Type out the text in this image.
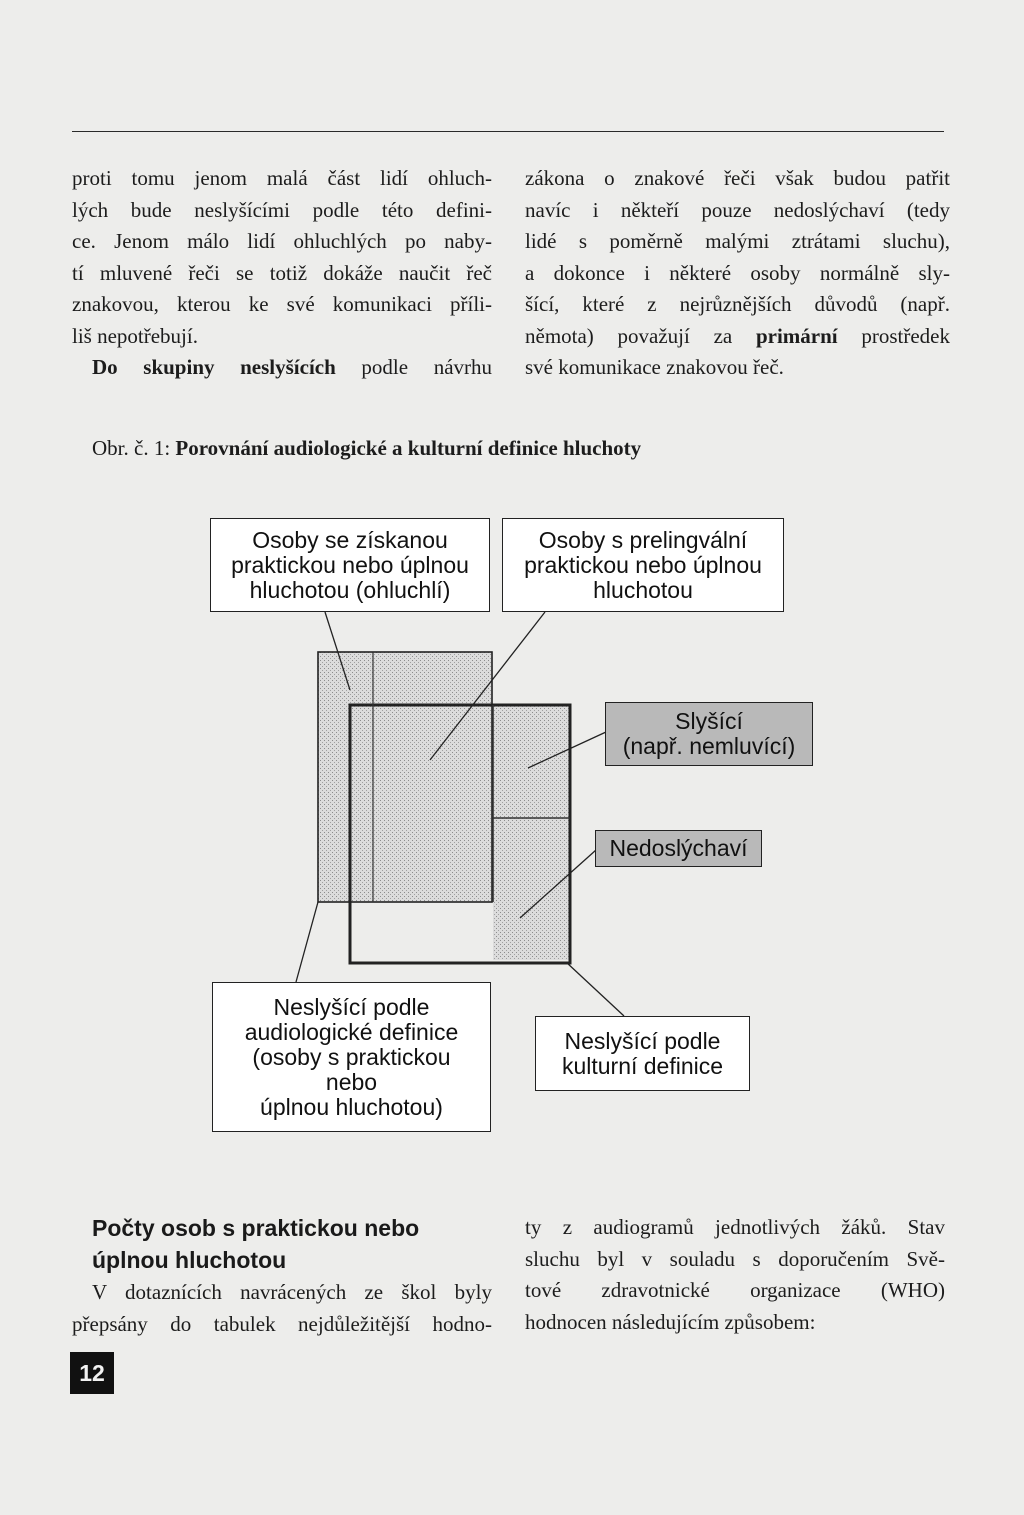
proti tomu jenom malá část lidí ohluch-
lých bude neslyšícími podle této defini-
ce. Jenom málo lidí ohluchlých po naby-
tí mluvené řeči se totiž dokáže naučit řeč
znakovou, kterou ke své komunikaci příli-
liš nepotřebují.
Do skupiny neslyšících podle návrhu
zákona o znakové řeči však budou patřit
navíc i někteří pouze nedoslýchaví (tedy
lidé s poměrně malými ztrátami sluchu),
a dokonce i některé osoby normálně sly-
šící, které z nejrůznějších důvodů (např.
němota) považují za primární prostředek
své komunikace znakovou řeč.
Obr. č. 1: Porovnání audiologické a kulturní definice hluchoty
Osoby se získanou
praktickou nebo úplnou
hluchotou (ohluchlí)
Osoby s prelingvální
praktickou nebo úplnou
hluchotou
Slyšící
(např. nemluvící)
Nedoslýchaví
Neslyšící podle
audiologické definice
(osoby s praktickou
nebo
úplnou hluchotou)
Neslyšící podle
kulturní definice
Počty osob s praktickou nebo
úplnou hluchotou
V dotaznících navrácených ze škol byly
přepsány do tabulek nejdůležitější hodno-
ty z audiogramů jednotlivých žáků. Stav
sluchu byl v souladu s doporučením Svě-
tové zdravotnické organizace (WHO)
hodnocen následujícím způsobem:
12
